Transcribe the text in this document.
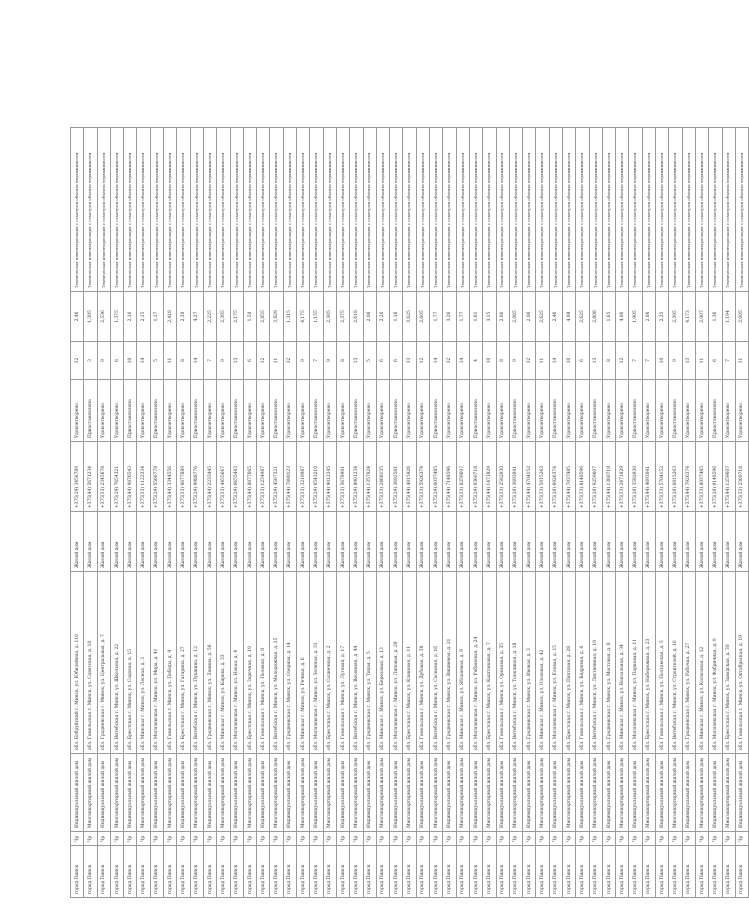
город Пинск	Чр	Индивидуальный жилой дом	обл. Бобруйский г. Минск, ул. Юбилейная, д. 110	Жилой дом	+375(29) 3456789	Удовлетворено	12	2,46	Техническая инвентаризация с осмотром объекта недвижимости
город Пинск	Чр	Многоквартирный жилой дом	обл. Гомельская г. Минск, ул. Советская, д. 18	Жилой дом	+375(44) 5671234	Приостановлено	3	1,395	Техническая инвентаризация с осмотром объекта недвижимости
город Пинск	Чр	Индивидуальный жилой дом	обл. Гродненская г. Минск, ул. Центральная, д. 7	Жилой дом	+375(33) 2345678	Удовлетворено	9	2,536	Техническая инвентаризация с осмотром объекта недвижимости
город Пинск	Чр	Многоквартирный жилой дом	обл. Витебская г. Минск, ул. Школьная, д. 22	Жилой дом	+375(29) 7654321	Удовлетворено	6	1,375	Техническая инвентаризация с осмотром объекта недвижимости
город Пинск	Чр	Индивидуальный жилой дом	обл. Брестская г. Минск, ул. Садовая, д. 15	Жилой дом	+375(44) 9876543	Приостановлено	10	2,16	Техническая инвентаризация с осмотром объекта недвижимости
город Пинск	Чр	Многоквартирный жилой дом	обл. Минская г. Минск, ул. Лесная, д. 3	Жилой дом	+375(33) 1122334	Удовлетворено	14	2,15	Техническая инвентаризация с осмотром объекта недвижимости
город Пинск	Чр	Индивидуальный жилой дом	обл. Могилевская г. Минск, ул. Мира, д. 41	Жилой дом	+375(29) 5566778	Приостановлено	5	1,17	Техническая инвентаризация с осмотром объекта недвижимости
город Пинск	Чр	Многоквартирный жилой дом	обл. Гомельская г. Минск, ул. Победы, д. 9	Жилой дом	+375(44) 3344556	Удовлетворено	11	2,418	Техническая инвентаризация с осмотром объекта недвижимости
город Пинск	Чр	Индивидуальный жилой дом	обл. Брестская г. Минск, ул. Гагарина, д. 27	Жилой дом	+375(33) 6677889	Удовлетворено	8	2,30	Техническая инвентаризация с осмотром объекта недвижимости
город Пинск	Чр	Многоквартирный жилой дом	обл. Витебская г. Минск, ул. Пушкина, д. 12	Жилой дом	+375(29) 9988776	Приостановлено	14	4,27	Техническая инвентаризация с осмотром объекта недвижимости
город Пинск	Чр	Индивидуальный жилой дом	обл. Гродненская г. Минск, ул. Ленина, д. 56	Жилой дом	+375(44) 2233445	Удовлетворено	7	2,225	Техническая инвентаризация с осмотром объекта недвижимости
город Пинск	Чр	Многоквартирный жилой дом	обл. Минская г. Минск, ул. Кирова, д. 33	Жилой дом	+375(33) 4455667	Удовлетворено	9	2,395	Техническая инвентаризация с осмотром объекта недвижимости
город Пинск	Чр	Индивидуальный жилой дом	обл. Могилевская г. Минск, ул. Новая, д. 4	Жилой дом	+375(29) 6655443	Приостановлено	13	2,175	Техническая инвентаризация с осмотром объекта недвижимости
город Пинск	Чр	Многоквартирный жилой дом	обл. Брестская г. Минск, ул. Заречная, д. 19	Жилой дом	+375(44) 8877665	Удовлетворено	6	1,50	Техническая инвентаризация с осмотром объекта недвижимости
город Пинск	Чр	Индивидуальный жилой дом	обл. Гомельская г. Минск, ул. Полевая, д. 8	Жилой дом	+375(33) 1234987	Удовлетворено	12	2,855	Техническая инвентаризация с осмотром объекта недвижимости
город Пинск	Чр	Многоквартирный жилой дом	обл. Витебская г. Минск, ул. Молодежная, д. 25	Жилой дом	+375(29) 4567321	Приостановлено	11	3,829	Техническая инвентаризация с осмотром объекта недвижимости
город Пинск	Чр	Индивидуальный жилой дом	обл. Гродненская г. Минск, ул. Озерная, д. 14	Жилой дом	+375(44) 7890123	Удовлетворено	12	1,315	Техническая инвентаризация с осмотром объекта недвижимости
город Пинск	Чр	Многоквартирный жилой дом	обл. Минская г. Минск, ул. Речная, д. 6	Жилой дом	+375(33) 3210987	Удовлетворено	9	4,175	Техническая инвентаризация с осмотром объекта недвижимости
город Пинск	Чр	Индивидуальный жилой дом	обл. Могилевская г. Минск, ул. Зеленая, д. 31	Жилой дом	+375(29) 6543210	Приостановлено	7	1,155	Техническая инвентаризация с осмотром объекта недвижимости
город Пинск	Чр	Многоквартирный жилой дом	обл. Брестская г. Минск, ул. Солнечная, д. 2	Жилой дом	+375(44) 9012345	Удовлетворено	9	2,305	Техническая инвентаризация с осмотром объекта недвижимости
город Пинск	Чр	Индивидуальный жилой дом	обл. Гомельская г. Минск, ул. Луговая, д. 17	Жилой дом	+375(33) 5678901	Удовлетворено	8	2,375	Техническая инвентаризация с осмотром объекта недвижимости
город Пинск	Чр	Многоквартирный жилой дом	обл. Витебская г. Минск, ул. Весенняя, д. 44	Жилой дом	+375(29) 8901234	Приостановлено	13	2,618	Техническая инвентаризация с осмотром объекта недвижимости
город Пинск	Чр	Индивидуальный жилой дом	обл. Гродненская г. Минск, ул. Тихая, д. 5	Жилой дом	+375(44) 1357924	Удовлетворено	5	2,06	Техническая инвентаризация с осмотром объекта недвижимости
город Пинск	Чр	Многоквартирный жилой дом	обл. Минская г. Минск, ул. Березовая, д. 13	Жилой дом	+375(33) 2468135	Удовлетворено	6	2,26	Техническая инвентаризация с осмотром объекта недвижимости
город Пинск	Чр	Индивидуальный жилой дом	обл. Могилевская г. Минск, ул. Липовая, д. 29	Жилой дом	+375(29) 3692581	Приостановлено	6	1,16	Техническая инвентаризация с осмотром объекта недвижимости
город Пинск	Чр	Многоквартирный жилой дом	обл. Брестская г. Минск, ул. Кленовая, д. 11	Жилой дом	+375(44) 4815926	Удовлетворено	13	3,625	Техническая инвентаризация с осмотром объекта недвижимости
город Пинск	Чр	Индивидуальный жилой дом	обл. Гомельская г. Минск, ул. Дубовая, д. 38	Жилой дом	+375(33) 5926374	Удовлетворено	12	2,605	Техническая инвентаризация с осмотром объекта недвижимости
город Пинск	Чр	Многоквартирный жилой дом	обл. Витебская г. Минск, ул. Сосновая, д. 16	Жилой дом	+375(29) 6037485	Приостановлено	14	1,77	Техническая инвентаризация с осмотром объекта недвижимости
город Пинск	Чр	Индивидуальный жилой дом	обл. Гродненская г. Минск, ул. Вишневая, д. 21	Жилой дом	+375(44) 7148596	Удовлетворено	12	3,26	Техническая инвентаризация с осмотром объекта недвижимости
город Пинск	Чр	Многоквартирный жилой дом	обл. Минская г. Минск, ул. Яблоневая, д. 9	Жилой дом	+375(33) 8259607	Удовлетворено	14	1,77	Техническая инвентаризация с осмотром объекта недвижимости
город Пинск	Чр	Индивидуальный жилой дом	обл. Могилевская г. Минск, ул. Рябиновая, д. 24	Жилой дом	+375(29) 9360718	Приостановлено	4	1,61	Техническая инвентаризация с осмотром объекта недвижимости
город Пинск	Чр	Многоквартирный жилой дом	обл. Брестская г. Минск, ул. Каштановая, д. 7	Жилой дом	+375(44) 1471829	Удовлетворено	10	3,15	Техническая инвентаризация с осмотром объекта недвижимости
город Пинск	Чр	Индивидуальный жилой дом	обл. Гомельская г. Минск, ул. Ореховая, д. 35	Жилой дом	+375(33) 2582930	Удовлетворено	8	2,06	Техническая инвентаризация с осмотром объекта недвижимости
город Пинск	Чр	Многоквартирный жилой дом	обл. Витебская г. Минск, ул. Тополиная, д. 18	Жилой дом	+375(29) 3693041	Приостановлено	9	2,085	Техническая инвентаризация с осмотром объекта недвижимости
город Пинск	Чр	Индивидуальный жилой дом	обл. Гродненская г. Минск, ул. Ивовая, д. 3	Жилой дом	+375(44) 4704152	Удовлетворено	12	2,06	Техническая инвентаризация с осмотром объекта недвижимости
город Пинск	Чр	Многоквартирный жилой дом	обл. Минская г. Минск, ул. Ольховая, д. 42	Жилой дом	+375(33) 5815263	Удовлетворено	11	2,625	Техническая инвентаризация с осмотром объекта недвижимости
город Пинск	Чр	Индивидуальный жилой дом	обл. Могилевская г. Минск, ул. Еловая, д. 15	Жилой дом	+375(29) 6926374	Приостановлено	14	2,46	Техническая инвентаризация с осмотром объекта недвижимости
город Пинск	Чр	Многоквартирный жилой дом	обл. Брестская г. Минск, ул. Пихтовая, д. 28	Жилой дом	+375(44) 7037485	Удовлетворено	10	4,98	Техническая инвентаризация с осмотром объекта недвижимости
город Пинск	Чр	Индивидуальный жилой дом	обл. Гомельская г. Минск, ул. Кедровая, д. 6	Жилой дом	+375(33) 8148596	Удовлетворено	6	2,625	Техническая инвентаризация с осмотром объекта недвижимости
город Пинск	Чр	Многоквартирный жилой дом	обл. Витебская г. Минск, ул. Лиственная, д. 19	Жилой дом	+375(29) 9259607	Приостановлено	13	2,808	Техническая инвентаризация с осмотром объекта недвижимости
город Пинск	Чр	Индивидуальный жилой дом	обл. Гродненская г. Минск, ул. Мостовая, д. 8	Жилой дом	+375(44) 1360718	Удовлетворено	8	1,65	Техническая инвентаризация с осмотром объекта недвижимости
город Пинск	Чр	Многоквартирный жилой дом	обл. Минская г. Минск, ул. Вокзальная, д. 34	Жилой дом	+375(33) 2471829	Удовлетворено	12	4,06	Техническая инвентаризация с осмотром объекта недвижимости
город Пинск	Чр	Индивидуальный жилой дом	обл. Могилевская г. Минск, ул. Парковая, д. 11	Жилой дом	+375(29) 3582930	Приостановлено	7	1,905	Техническая инвентаризация с осмотром объекта недвижимости
город Пинск	Чр	Многоквартирный жилой дом	обл. Брестская г. Минск, ул. Набережная, д. 23	Жилой дом	+375(44) 4693041	Удовлетворено	7	2,06	Техническая инвентаризация с осмотром объекта недвижимости
город Пинск	Чр	Индивидуальный жилой дом	обл. Гомельская г. Минск, ул. Полтавская, д. 5	Жилой дом	+375(33) 5704152	Удовлетворено	10	2,25	Техническая инвентаризация с осмотром объекта недвижимости
город Пинск	Чр	Многоквартирный жилой дом	обл. Витебская г. Минск, ул. Строителей, д. 16	Жилой дом	+375(29) 6815263	Приостановлено	9	2,395	Техническая инвентаризация с осмотром объекта недвижимости
город Пинск	Чр	Индивидуальный жилой дом	обл. Гродненская г. Минск, ул. Рабочая, д. 27	Жилой дом	+375(44) 7926374	Удовлетворено	13	4,173	Техническая инвентаризация с осмотром объекта недвижимости
город Пинск	Чр	Многоквартирный жилой дом	обл. Минская г. Минск, ул. Колхозная, д. 12	Жилой дом	+375(33) 8037485	Удовлетворено	11	2,007	Техническая инвентаризация с осмотром объекта недвижимости
город Пинск	Чр	Индивидуальный жилой дом	обл. Могилевская г. Минск, ул. Фабричная, д. 9	Жилой дом	+375(29) 9148596	Приостановлено	6	1,36	Техническая инвентаризация с осмотром объекта недвижимости
город Пинск	Чр	Многоквартирный жилой дом	обл. Брестская г. Минск, ул. Заводская, д. 30	Жилой дом	+375(44) 1259607	Удовлетворено	7	1,194	Техническая инвентаризация с осмотром объекта недвижимости
город Пинск	Чр	Индивидуальный жилой дом	обл. Гомельская г. Минск, ул. Октябрьская, д. 19	Жилой дом	+375(33) 2360718	Удовлетворено	11	2,605	Техническая инвентаризация с осмотром объекта недвижимости
